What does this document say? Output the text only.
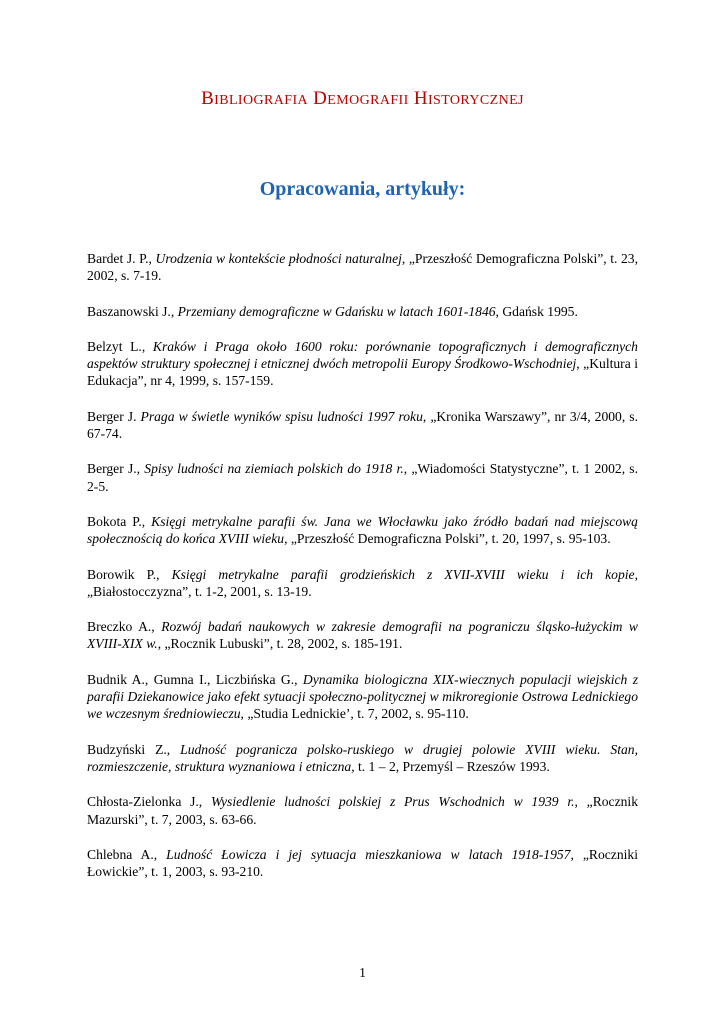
BIBLIOGRAFIA DEMOGRAFII HISTORYCZNEJ
Opracowania, artykuły:

Bardet J. P., Urodzenia w kontekście płodności naturalnej, „Przeszłość Demograficzna Polski”, t. 23, 2002, s. 7-19.

Baszanowski J., Przemiany demograficzne w Gdańsku w latach 1601-1846, Gdańsk 1995.

Belzyt L., Kraków i Praga około 1600 roku: porównanie topograficznych i demograficznych aspektów struktury społecznej i etnicznej dwóch metropolii Europy Środkowo-Wschodniej, „Kultura i Edukacja”, nr 4, 1999, s. 157-159.

Berger J. Praga w świetle wyników spisu ludności 1997 roku, „Kronika Warszawy”, nr 3/4, 2000, s. 67-74.

Berger J., Spisy ludności na ziemiach polskich do 1918 r., „Wiadomości Statystyczne”, t. 1 2002, s. 2-5.

Bokota P., Księgi metrykalne parafii św. Jana we Włocławku jako źródło badań nad miejscową społecznością do końca XVIII wieku, „Przeszłość Demograficzna Polski”, t. 20, 1997, s. 95-103.

Borowik P., Księgi metrykalne parafii grodzieńskich z XVII-XVIII wieku i ich kopie, „Białostocczyzna”, t. 1-2, 2001, s. 13-19.

Breczko A., Rozwój badań naukowych w zakresie demografii na pograniczu śląsko-łużyckim w XVIII-XIX w., „Rocznik Lubuski”, t. 28, 2002, s. 185-191.

Budnik A., Gumna I., Liczbińska G., Dynamika biologiczna XIX-wiecznych populacji wiejskich z parafii Dziekanowice jako efekt sytuacji społeczno-politycznej w mikroregionie Ostrowa Lednickiego we wczesnym średniowieczu, „Studia Lednickie’, t. 7, 2002, s. 95-110.

Budzyński Z., Ludność pogranicza polsko-ruskiego w drugiej polowie XVIII wieku. Stan, rozmieszczenie, struktura wyznaniowa i etniczna, t. 1 – 2, Przemyśl – Rzeszów 1993.

Chłosta-Zielonka J., Wysiedlenie ludności polskiej z Prus Wschodnich w 1939 r., „Rocznik Mazurski”, t. 7, 2003, s. 63-66.

Chlebna A., Ludność Łowicza i jej sytuacja mieszkaniowa w latach 1918-1957, „Roczniki Łowickie”, t. 1, 2003, s. 93-210.

1
